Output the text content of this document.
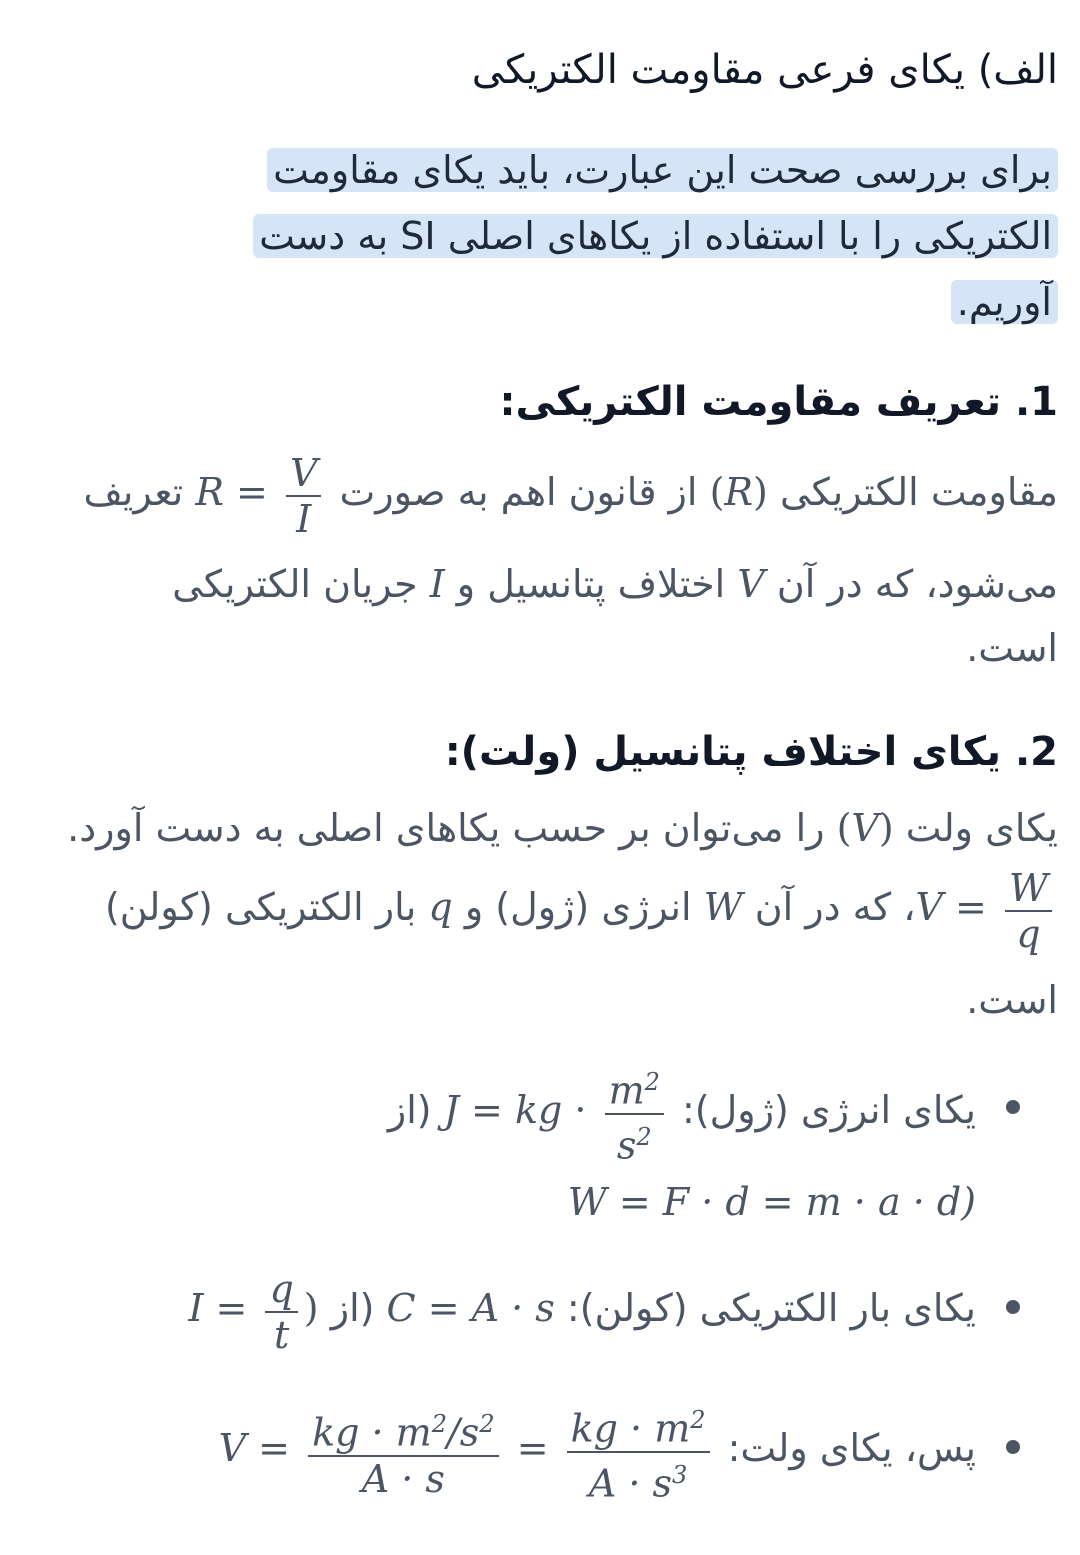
الف) یکای فرعی مقاومت الکتریکی
برای بررسی صحت این عبارت، باید یکای مقاومت
الکتریکی را با استفاده از یکاهای اصلی SI به دست
آوریم.
1. تعریف مقاومت الکتریکی:
مقاومت الکتریکی (R) از قانون اهم به صورت $R = \frac{V}{I}$
تعریف
می‌شود، که در آن V اختلاف پتانسیل و I جریان الکتریکی
است.
2. یکای اختلاف پتانسیل (ولت):
یکای ولت (V) را می‌توان بر حسب یکاهای اصلی به دست آورد.
$V = \frac{W}{q}$
، که در آن W انرژی (ژول) و q بار الکتریکی (کولن)
است.
یکای انرژی (ژول): J = kg · $\frac{m^2}{s^2}$
(از
W = F · d = m · a · d)
یکای بار الکتریکی (کولن): C = A · s (از $I = \frac{q}{t}$ )
پس، یکای ولت: $V = \frac{kg \cdot m^2/s^2}{A \cdot s} = \frac{kg \cdot m^2}{A \cdot s^3}$
